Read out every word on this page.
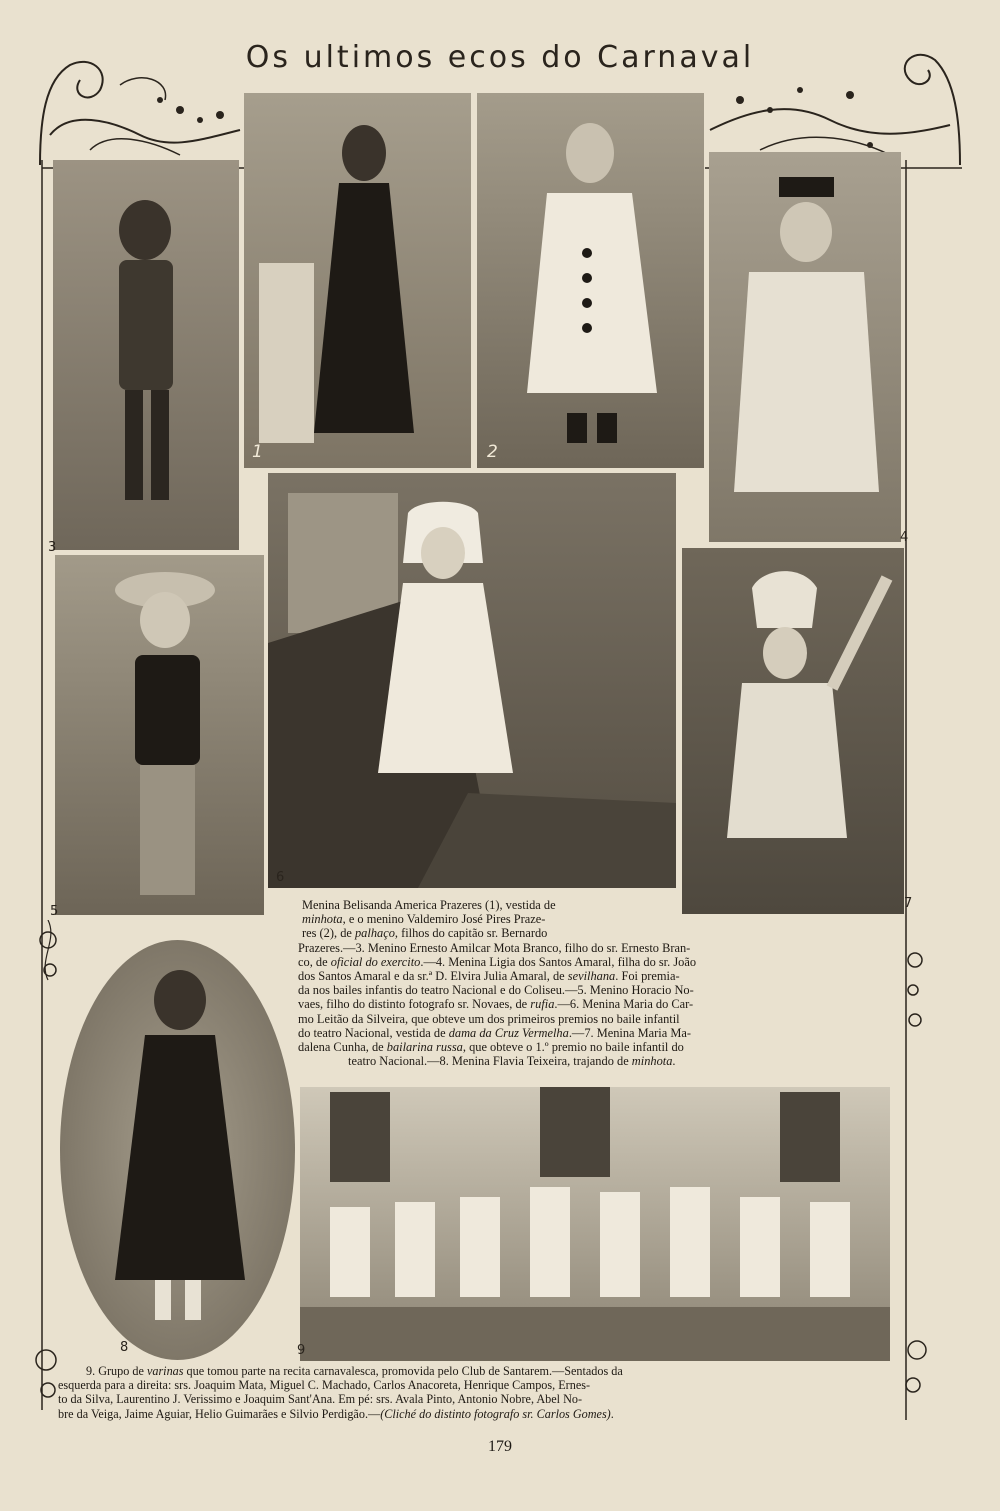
Os ultimos ecos do Carnaval
3
1	2
4
5
6
7

Menina Belisanda America Prazeres (1), vestida de

minhota, e o menino Valdemiro José Pires Praze-

res (2), de palhaço, filhos do capitão sr. Bernardo

Prazeres.—3. Menino Ernesto Amilcar Mota Branco, filho do sr. Ernesto Bran-

co, de oficial do exercito.—4. Menina Ligia dos Santos Amaral, filha do sr. João

dos Santos Amaral e da sr.ª D. Elvira Julia Amaral, de sevilhana. Foi premia-

da nos bailes infantis do teatro Nacional e do Coliseu.—5. Menino Horacio No-

vaes, filho do distinto fotografo sr. Novaes, de rufia.—6. Menina Maria do Car-

mo Leitão da Silveira, que obteve um dos primeiros premios no baile infantil

do teatro Nacional, vestida de dama da Cruz Vermelha.—7. Menina Maria Ma-

dalena Cunha, de bailarina russa, que obteve o 1.º premio no baile infantil do

teatro Nacional.—8. Menina Flavia Teixeira, trajando de minhota.

8	9

9. Grupo de varinas que tomou parte na recita carnavalesca, promovida pelo Club de Santarem.—Sentados da

esquerda para a direita: srs. Joaquim Mata, Miguel C. Machado, Carlos Anacoreta, Henrique Campos, Ernes-

to da Silva, Laurentino J. Verissimo e Joaquim Sant'Ana. Em pé: srs. Avala Pinto, Antonio Nobre, Abel No-

bre da Veiga, Jaime Aguiar, Helio Guimarães e Silvio Perdigão.—(Cliché do distinto fotografo sr. Carlos Gomes).

179
